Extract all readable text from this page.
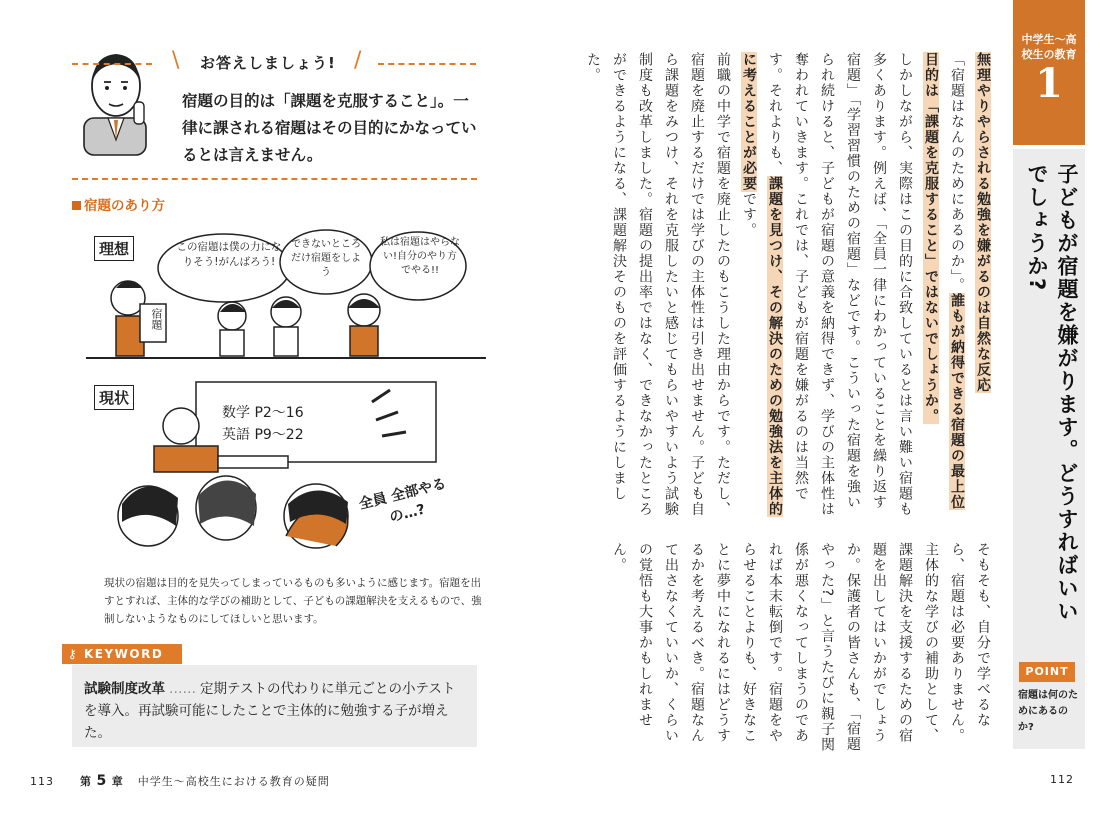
\ お答えしましょう! /
宿題の目的は「課題を克服すること」。一律に課される宿題はその目的にかなっているとは言えません。
宿題のあり方
理想	この宿題は僕の力になりそう!がんばろう!
できないところだけ宿題をしよう
私は宿題はやらない!自分のやり方でやる!!
宿題
現状
数学 P2〜16
英語 P9〜22
全員 全部やるの…?
現状の宿題は目的を見失ってしまっているものも多いように感じます。宿題を出すとすれば、主体的な学びの補助として、子どもの課題解決を支えるもので、強制しないようなものにしてほしいと思います。
⚷ KEYWORD
試験制度改革 …… 定期テストの代わりに単元ごとの小テストを導入。再試験可能にしたことで主体的に勉強する子が増えた。
113 第 5 章 中学生〜高校生における教育の疑問
中学生〜高校生の教育
1
子どもが宿題を嫌がります。どうすればいいでしょうか?
POINT
宿題は何のためにあるのか?
無理やりやらされる勉強を嫌がるのは自然な反応
「宿題はなんのためにあるのか」。誰もが納得できる宿題の最上位目的は「課題を克服すること」ではないでしょうか。
しかしながら、実際はこの目的に合致しているとは言い難い宿題も多くあります。例えば、「全員一律にわかっていることを繰り返す宿題」「学習習慣のための宿題」などです。こういった宿題を強いられ続けると、子どもが宿題の意義を納得できず、学びの主体性は奪われていきます。これでは、子どもが宿題を嫌がるのは当然です。それよりも、課題を見つけ、その解決のための勉強法を主体的に考えることが必要です。
前職の中学で宿題を廃止したのもこうした理由からです。ただし、宿題を廃止するだけでは学びの主体性は引き出せません。子ども自ら課題をみつけ、それを克服したいと感じてもらいやすいよう試験制度も改革しました。宿題の提出率ではなく、できなかったところができるようになる、課題解決そのものを評価するようにしました。
そもそも、自分で学べるなら、宿題は必要ありません。主体的な学びの補助として、課題解決を支援するための宿題を出してはいかがでしょうか。保護者の皆さんも、「宿題やった?」と言うたびに親子関係が悪くなってしまうのであれば本末転倒です。宿題をやらせることよりも、好きなことに夢中になれるにはどうするかを考えるべき。宿題なんて出さなくていいか、くらいの覚悟も大事かもしれません。
112
